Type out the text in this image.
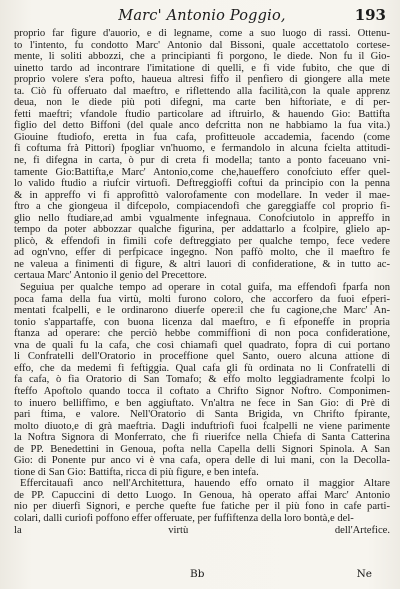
Marc' Antonio Poggio,	193
proprio far figure d'auorio, e di legname, come a suo luogo di rassi. Ottenu-
to l'intento, fu condotto Marc' Antonio dal Bissoni, quale accettatolo cortese-
mente, li soliti abbozzi, che a principianti fi porgono, le diede. Non fu il Gio-
uinetto tardo ad incontrare l'imitatione di quelli, e fi vide fubito, che que di
proprio volere s'era pofto, haueua altresi fiffo il penfiero di giongere alla mete
ta. Ciò fù offeruato dal maeftro, e riflettendo alla facilità,con la quale apprenz
deua, non le diede più poti difegni, ma carte ben hiftoriate, e di per-
fetti maeftri; vfandole ftudio particolare ad iftruirlo, & hauendo Gio: Battifta
figlio del detto Biffoni (del quale anco defcritta non ne habbiamo la fua vita.)
Giouine ftudiofo, eretta in fua cafa, profitteuole accademia, facendo (come
fi coftuma frà Pittori) fpogliar vn'huomo, e fermandolo in alcuna fcielta attitudi-
ne, fi difegna in carta, ò pur di creta fi modella; tanto a ponto faceuano vni-
tamente Gio:Battifta,e Marc' Antonio,come che,haueffero conofciuto effer quel-
lo valido ftudio a riufcir virtuofi. Deftreggioffi coftui da principio con la penna
& in appreffo vi fi approfittò valorofamente con modellare. In veder il mae-
ftro a che giongeua il difcepolo, compiacendofi che gareggiaffe col proprio fi-
glio nello ftudiare,ad ambi vgualmente infegnaua. Conofciutolo in appreffo in
tempo da poter abbozzar qualche figurina, per addattarlo a fcolpire, glielo ap-
plicò, & effendofi in fimili cofe deftreggiato per qualche tempo, fece vedere
ad ogn'vno, effer di perfpicace ingegno. Non paffò molto, che il maeftro fe
ne valeua a finimenti di figure, & altri lauori di confideratione, & in tutto ac-
certaua Marc' Antonio il genio del Precettore.
Seguiua per qualche tempo ad operare in cotal guifa, ma effendofi fparfa non
poca fama della fua virtù, molti furono coloro, che accorfero da fuoi efperi-
mentati fcalpelli, e le ordinarono diuerfe opere:il che fu cagione,che Marc' An-
tonio s'appartaffe, con buona licenza dal maeftro, e fi efponeffe in propria
ftanza ad operare: che perciò hebbe commiffioni di non poca confideratione,
vna de quali fu la cafa, che così chiamafi quel quadrato, fopra di cui portano
li Confratelli dell'Oratorio in proceffione quel Santo, ouero alcuna attione di
effo, che da medemi fi feftiggia. Qual cafa gli fù ordinata no li Confratelli di
fa cafa, ò fia Oratorio di San Tomafo; & effo molto leggiadramente fcolpì lo
fteffo Apoftolo quando tocca il coftato a Chrifto Signor Noftro. Componimen-
to inuero belliffimo, e ben aggiuftato. Vn'altra ne fece in San Gio: di Prè di
pari ftima, e valore. Nell'Oratorio di Santa Brigida, vn Chrifto fpirante,
molto diuoto,e di grà maeftria. Dagli induftriofi fuoi fcalpelli ne viene parimente
la Noftra Signora di Monferrato, che fi riuerifce nella Chiefa di Santa Catterina
de PP. Benedettini in Genoua, pofta nella Capella delli Signori Spinola. A San
Gio: di Ponente pur anco vi è vna cafa, opera delle di lui mani, con la Decolla-
tione di San Gio: Battifta, ricca di più figure, e ben intefa.
Effercitauafi anco nell'Architettura, hauendo effo ornato il maggior Altare
de PP. Capuccini di detto Luogo. In Genoua, hà operato affai Marc' Antonio
nio per diuerfi Signori, e perche quefte fue fatiche per il più fono in cafe parti-
colari, dalli curiofi poffono effer offeruate, per fuffiftenza della loro bontà,e del-
la virtù dell'Artefice.
Bb	Ne
